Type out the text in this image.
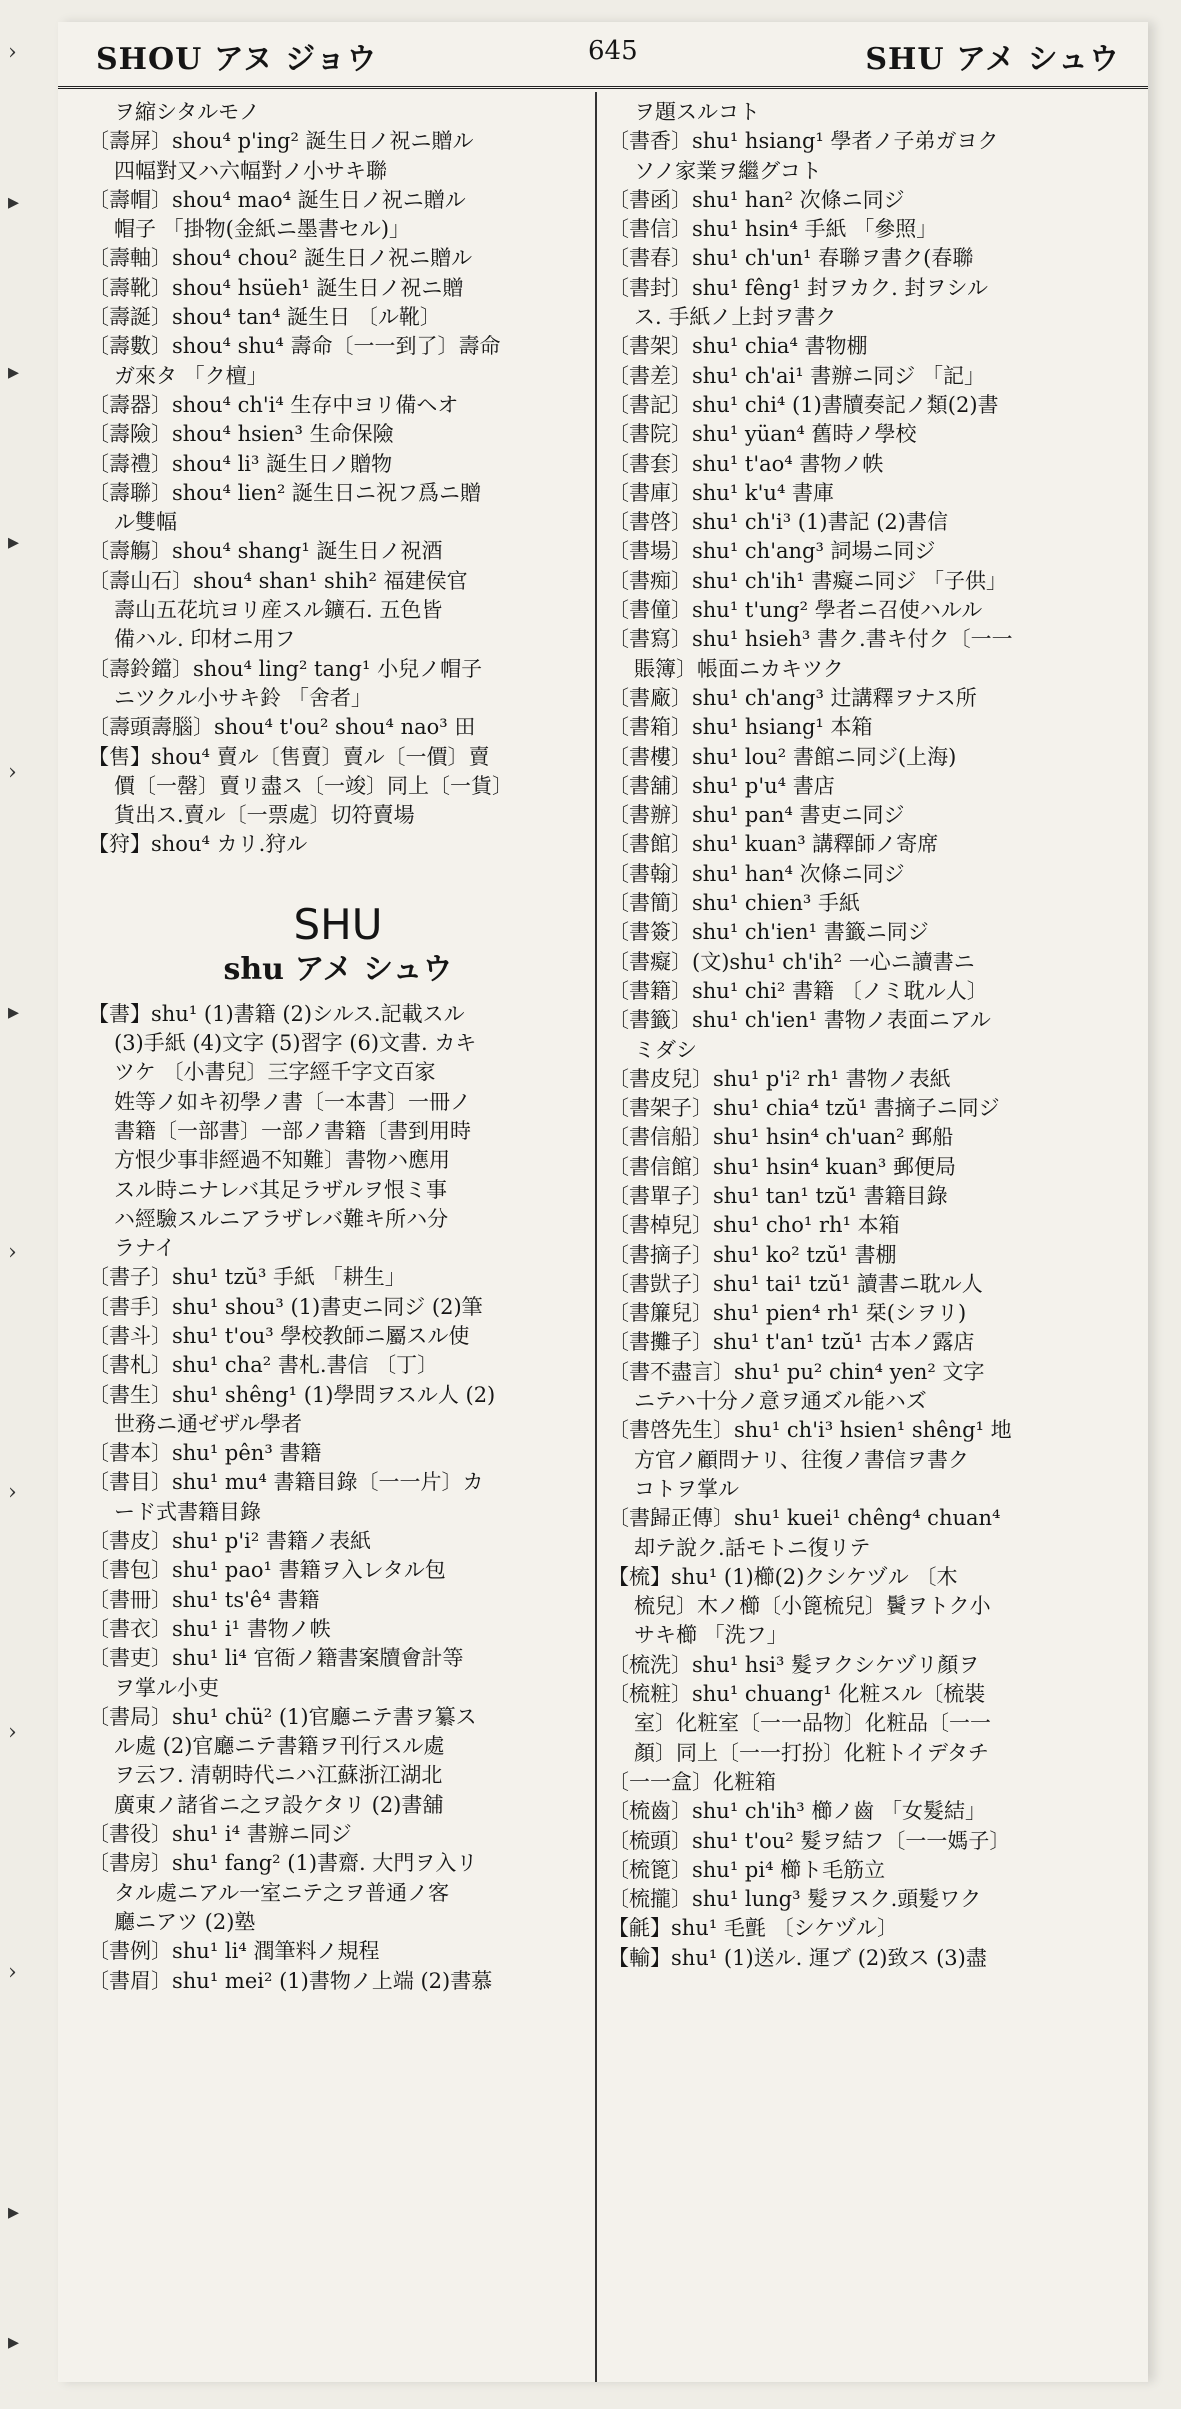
›
▸
▸
▸
›
▸
›
›
›
›
▸
▸
SHOU アヌ ジョウ	645	SHU アメ シュウ
ヲ縮シタルモノ
〔壽屏〕shou⁴ p'ing² 誕生日ノ祝ニ贈ル
四幅對又ハ六幅對ノ小サキ聯
〔壽帽〕shou⁴ mao⁴ 誕生日ノ祝ニ贈ル
帽子 「掛物(金紙ニ墨書セル)」
〔壽軸〕shou⁴ chou² 誕生日ノ祝ニ贈ル
〔壽靴〕shou⁴ hsüeh¹ 誕生日ノ祝ニ贈
〔壽誕〕shou⁴ tan⁴ 誕生日 〔ル靴〕
〔壽數〕shou⁴ shu⁴ 壽命〔一一到了〕壽命
ガ來タ 「ク檀」
〔壽器〕shou⁴ ch'i⁴ 生存中ヨリ備ヘオ
〔壽險〕shou⁴ hsien³ 生命保險
〔壽禮〕shou⁴ li³ 誕生日ノ贈物
〔壽聯〕shou⁴ lien² 誕生日ニ祝フ爲ニ贈
ル雙幅
〔壽觴〕shou⁴ shang¹ 誕生日ノ祝酒
〔壽山石〕shou⁴ shan¹ shih² 福建侯官
壽山五花坑ヨリ産スル鑛石. 五色皆
備ハル. 印材ニ用フ
〔壽鈴鐺〕shou⁴ ling² tang¹ 小兒ノ帽子
ニツクル小サキ鈴 「舍者」
〔壽頭壽腦〕shou⁴ t'ou² shou⁴ nao³ 田
【售】shou⁴ 賣ル〔售賣〕賣ル〔一價〕賣
價〔一罄〕賣リ盡ス〔一竣〕同上〔一貨〕
貨出ス.賣ル〔一票處〕切符賣場
【狩】shou⁴ カリ.狩ル
SHU
shu アメ シュウ
【書】shu¹ (1)書籍 (2)シルス.記載スル
(3)手紙 (4)文字 (5)習字 (6)文書. カキ
ツケ 〔小書兒〕三字經千字文百家
姓等ノ如キ初學ノ書〔一本書〕一冊ノ
書籍〔一部書〕一部ノ書籍〔書到用時
方恨少事非經過不知難〕書物ハ應用
スル時ニナレバ其足ラザルヲ恨ミ事
ハ經驗スルニアラザレバ難キ所ハ分
ラナイ
〔書子〕shu¹ tzŭ³ 手紙 「耕生」
〔書手〕shu¹ shou³ (1)書吏ニ同ジ (2)筆
〔書斗〕shu¹ t'ou³ 學校教師ニ屬スル使
〔書札〕shu¹ cha² 書札.書信 〔丁〕
〔書生〕shu¹ shêng¹ (1)學問ヲスル人 (2)
世務ニ通ゼザル學者
〔書本〕shu¹ pên³ 書籍
〔書目〕shu¹ mu⁴ 書籍目錄〔一一片〕カ
ード式書籍目錄
〔書皮〕shu¹ p'i² 書籍ノ表紙
〔書包〕shu¹ pao¹ 書籍ヲ入レタル包
〔書冊〕shu¹ ts'ê⁴ 書籍
〔書衣〕shu¹ i¹ 書物ノ帙
〔書吏〕shu¹ li⁴ 官衙ノ籍書案牘會計等
ヲ掌ル小吏
〔書局〕shu¹ chü² (1)官廳ニテ書ヲ纂ス
ル處 (2)官廳ニテ書籍ヲ刊行スル處
ヲ云フ. 清朝時代ニハ江蘇浙江湖北
廣東ノ諸省ニ之ヲ設ケタリ (2)書舖
〔書役〕shu¹ i⁴ 書辦ニ同ジ
〔書房〕shu¹ fang² (1)書齋. 大門ヲ入リ
タル處ニアル一室ニテ之ヲ普通ノ客
廳ニアツ (2)塾
〔書例〕shu¹ li⁴ 潤筆料ノ規程
〔書眉〕shu¹ mei² (1)書物ノ上端 (2)書慕
ヲ題スルコト
〔書香〕shu¹ hsiang¹ 學者ノ子弟ガヨク
ソノ家業ヲ繼グコト
〔書函〕shu¹ han² 次條ニ同ジ
〔書信〕shu¹ hsin⁴ 手紙 「參照」
〔書春〕shu¹ ch'un¹ 春聯ヲ書ク(春聯
〔書封〕shu¹ fêng¹ 封ヲカク. 封ヲシル
ス. 手紙ノ上封ヲ書ク
〔書架〕shu¹ chia⁴ 書物棚
〔書差〕shu¹ ch'ai¹ 書辦ニ同ジ 「記」
〔書記〕shu¹ chi⁴ (1)書牘奏記ノ類(2)書
〔書院〕shu¹ yüan⁴ 舊時ノ學校
〔書套〕shu¹ t'ao⁴ 書物ノ帙
〔書庫〕shu¹ k'u⁴ 書庫
〔書啓〕shu¹ ch'i³ (1)書記 (2)書信
〔書場〕shu¹ ch'ang³ 詞場ニ同ジ
〔書痴〕shu¹ ch'ih¹ 書癡ニ同ジ 「子供」
〔書僮〕shu¹ t'ung² 學者ニ召使ハルル
〔書寫〕shu¹ hsieh³ 書ク.書キ付ク〔一一
賬簿〕帳面ニカキツク
〔書廠〕shu¹ ch'ang³ 辻講釋ヲナス所
〔書箱〕shu¹ hsiang¹ 本箱
〔書樓〕shu¹ lou² 書館ニ同ジ(上海)
〔書舖〕shu¹ p'u⁴ 書店
〔書辦〕shu¹ pan⁴ 書吏ニ同ジ
〔書館〕shu¹ kuan³ 講釋師ノ寄席
〔書翰〕shu¹ han⁴ 次條ニ同ジ
〔書簡〕shu¹ chien³ 手紙
〔書簽〕shu¹ ch'ien¹ 書籤ニ同ジ
〔書癡〕(文)shu¹ ch'ih² 一心ニ讀書ニ
〔書籍〕shu¹ chi² 書籍 〔ノミ耽ル人〕
〔書籤〕shu¹ ch'ien¹ 書物ノ表面ニアル
ミダシ
〔書皮兒〕shu¹ p'i² rh¹ 書物ノ表紙
〔書架子〕shu¹ chia⁴ tzŭ¹ 書摘子ニ同ジ
〔書信船〕shu¹ hsin⁴ ch'uan² 郵船
〔書信館〕shu¹ hsin⁴ kuan³ 郵便局
〔書單子〕shu¹ tan¹ tzŭ¹ 書籍目錄
〔書棹兒〕shu¹ cho¹ rh¹ 本箱
〔書摘子〕shu¹ ko² tzŭ¹ 書棚
〔書獃子〕shu¹ tai¹ tzŭ¹ 讀書ニ耽ル人
〔書簾兒〕shu¹ pien⁴ rh¹ 栞(シヲリ)
〔書攤子〕shu¹ t'an¹ tzŭ¹ 古本ノ露店
〔書不盡言〕shu¹ pu² chin⁴ yen² 文字
ニテハ十分ノ意ヲ通ズル能ハズ
〔書啓先生〕shu¹ ch'i³ hsien¹ shêng¹ 地
方官ノ顧問ナリ、往復ノ書信ヲ書ク
コトヲ掌ル
〔書歸正傳〕shu¹ kuei¹ chêng⁴ chuan⁴
却テ說ク.話モトニ復リテ
【梳】shu¹ (1)櫛(2)クシケヅル 〔木
梳兒〕木ノ櫛〔小篦梳兒〕鬢ヲトク小
サキ櫛 「洗フ」
〔梳洗〕shu¹ hsi³ 髮ヲクシケヅリ顏ヲ
〔梳粧〕shu¹ chuang¹ 化粧スル〔梳裝
室〕化粧室〔一一品物〕化粧品〔一一
顏〕同上〔一一打扮〕化粧トイデタチ
〔一一盒〕化粧箱
〔梳齒〕shu¹ ch'ih³ 櫛ノ齒 「女髮結」
〔梳頭〕shu¹ t'ou² 髮ヲ結フ〔一一媽子〕
〔梳篦〕shu¹ pi⁴ 櫛ト毛筋立
〔梳攏〕shu¹ lung³ 髮ヲスク.頭髮ワク
【毹】shu¹ 毛氈 〔シケヅル〕
【輸】shu¹ (1)送ル. 運ブ (2)致ス (3)盡
